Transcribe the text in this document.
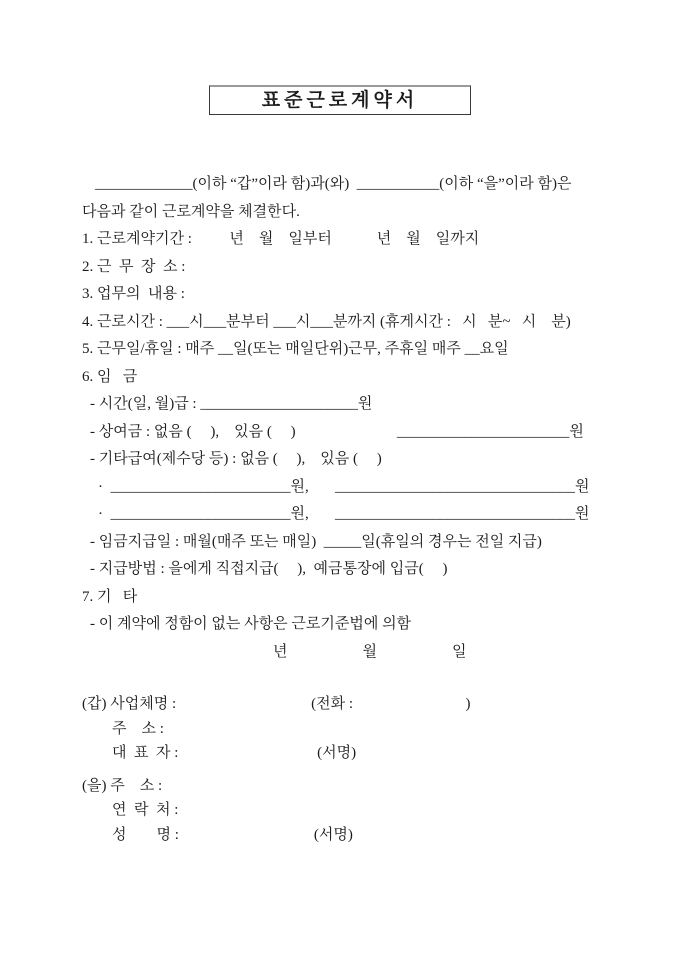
표준근로계약서
_____________(이하 “갑”이라 함)과(와)  ___________(이하 “을”이라 함)은
다음과 같이 근로계약을 체결한다.
1. 근로계약기간 :          년    월    일부터            년    월    일까지
2. 근  무  장  소 :
3. 업무의  내용 :
4. 근로시간 : ___시___분부터 ___시___분까지 (휴게시간 :   시   분~   시    분)
5. 근무일/휴일 : 매주 __일(또는 매일단위)근무, 주휴일 매주 __요일
6. 임   금
- 시간(일, 월)급 : _____________________원
- 상여금 : 없음 (     ),    있음 (     )                           _______________________원
- 기타급여(제수당 등) : 없음 (     ),    있음 (     )
·  ________________________원,       ________________________________원
·  ________________________원,       ________________________________원
- 임금지급일 : 매월(매주 또는 매일)  _____일(휴일의 경우는 전일 지급)
- 지급방법 : 을에게 직접지급(     ),  예금통장에 입금(     )
7. 기   타
- 이 계약에 정함이 없는 사항은 근로기준법에 의함
년                    월                    일
(갑) 사업체명 :                                    (전화 :                              )
주    소 :
대  표  자 :                                     (서명)
(을) 주    소 :
연  락  처 :
성        명 :                                    (서명)
